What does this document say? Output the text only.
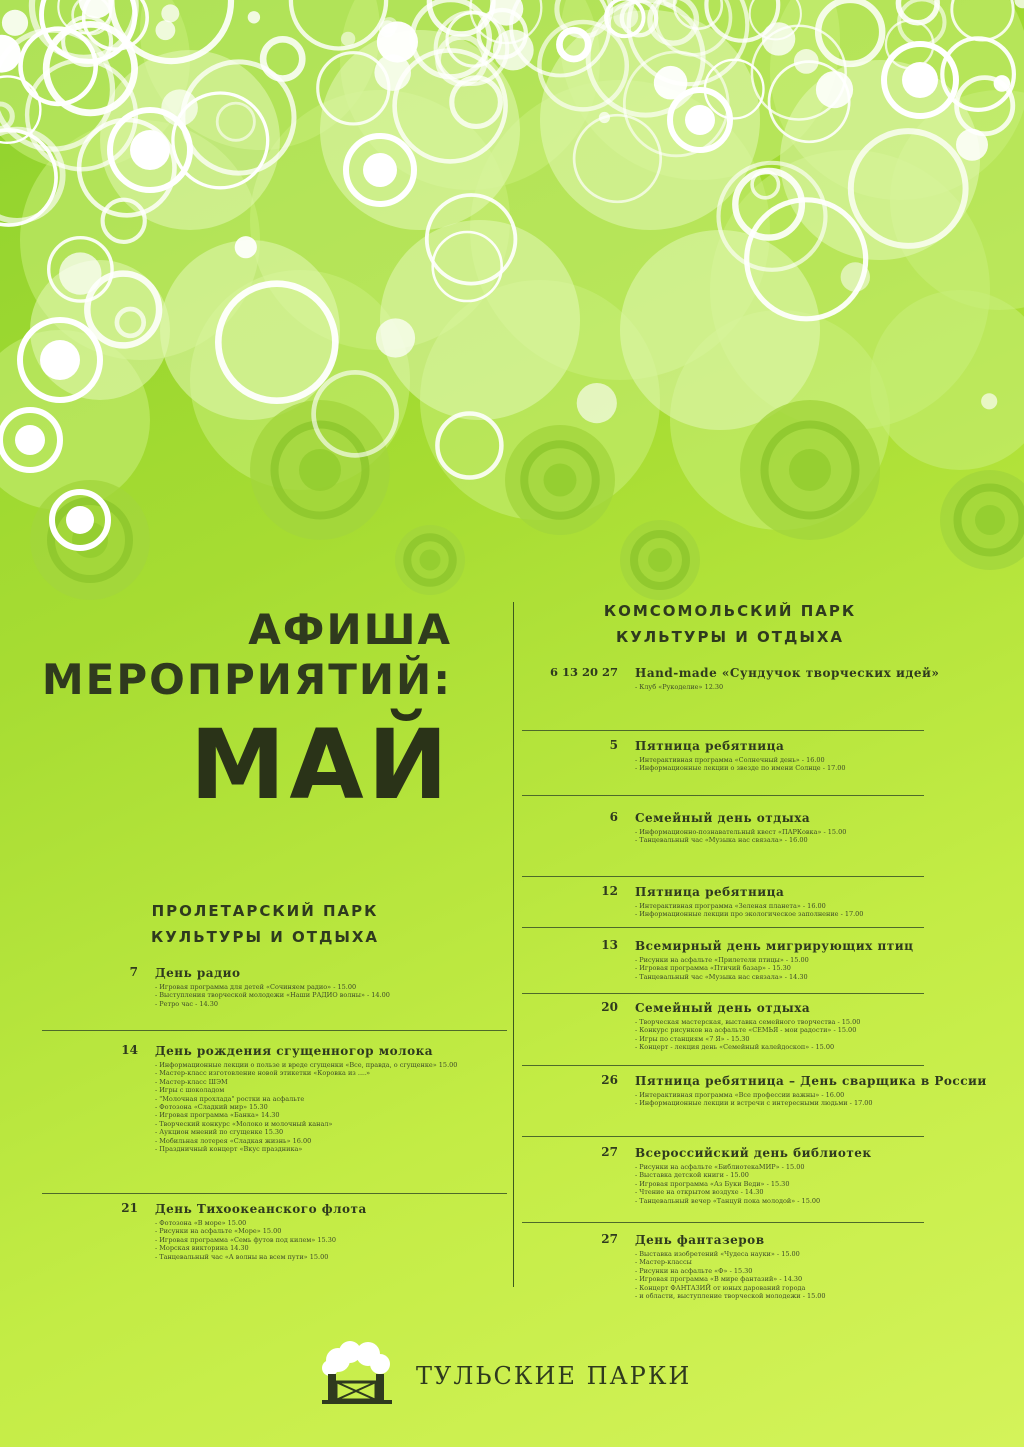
АФИША
МЕРОПРИЯТИЙ:
МАЙ
ПРОЛЕТАРСКИЙ ПАРК
КУЛЬТУРЫ И ОТДЫХА
КОМСОМОЛЬСКИЙ ПАРК
КУЛЬТУРЫ И ОТДЫХА
7 День радио
- Игровая программа для детей «Сочиняем радио» - 15.00
- Выступления творческой молодежи «Наши РАДИО волны» - 14.00
- Ретро час - 14.30
14 День рождения сгущенногор молока
- Информационные лекции о пользе и вреде сгущенки «Все, правда, о сгущенке» 15.00
- Мастер-класс изготовление новой этикетки «Коровка из ....»
- Мастер-класс ШЭМ
- Игры с шоколадом
- "Молочная прохлада" ростки на асфальте
- Фотозона «Сладкий мир» 15.30
- Игровая программа «Банка» 14.30
- Творческий конкурс «Молоко и молочный канал»
- Аукцион мнений по сгущенке 15.30
- Мобильная лотерея «Сладкая жизнь» 16.00
- Праздничный концерт «Вкус праздника»
21 День Тихоокеанского флота
- Фотозона «В море» 15.00
- Рисунки на асфальте «Море» 15.00
- Игровая программа «Семь футов под килем» 15.30
- Морская викторина 14.30
- Танцевальный час «А волны на всем пути» 15.00
6 13 20 27 Hand-made «Сундучок творческих идей»
- Клуб «Рукоделие» 12.30
5 Пятница ребятница
- Интерактивная программа «Солнечный день» - 16.00
- Информационные лекции о звезде по имени Солнце - 17.00
6 Семейный день отдыха
- Информационно-познавательный квест «ПАРКовка» - 15.00
- Танцевальный час «Музыка нас связала» - 16.00
12 Пятница ребятница
- Интерактивная программа «Зеленая планета» - 16.00
- Информационные лекции про экологическое заполнение - 17.00
13 Всемирный день мигрирующих птиц
- Рисунки на асфальте «Прилетели птицы» - 15.00
- Игровая программа «Птичий базар» - 15.30
- Танцевальный час «Музыка нас связала» - 14.30
20 Семейный день отдыха
- Творческая мастерская, выставка семейного творчества - 15.00
- Конкурс рисунков на асфальте «СЕМЬЯ - мои радости» - 15.00
- Игры по станциям «7 Я» - 15.30
- Концерт - лекция день «Семейный калейдоскоп» - 15.00
26 Пятница ребятница – День сварщика в России
- Интерактивная программа «Все профессии важны» - 16.00
- Информационные лекции и встречи с интересными людьми - 17.00
27 Всероссийский день библиотек
- Рисунки на асфальте «БиблиотекаМИР» - 15.00
- Выставка детской книги - 15.00
- Игровая программа «Аз Буки Веди» - 15.30
- Чтение на открытом воздухе - 14.30
- Танцевальный вечер «Танцуй пока молодой» - 15.00
27 День фантазеров
- Выставка изобретений «Чудеса науки» - 15.00
- Мастер-классы
- Рисунки на асфальте «Ф» - 15.30
- Игровая программа «В мире фантазий» - 14.30
- Концерт ФАНТАЗИЙ от юных дарований города
- и области, выступление творческой молодежи - 15.00
ТУЛЬСКИЕ ПАРКИ
